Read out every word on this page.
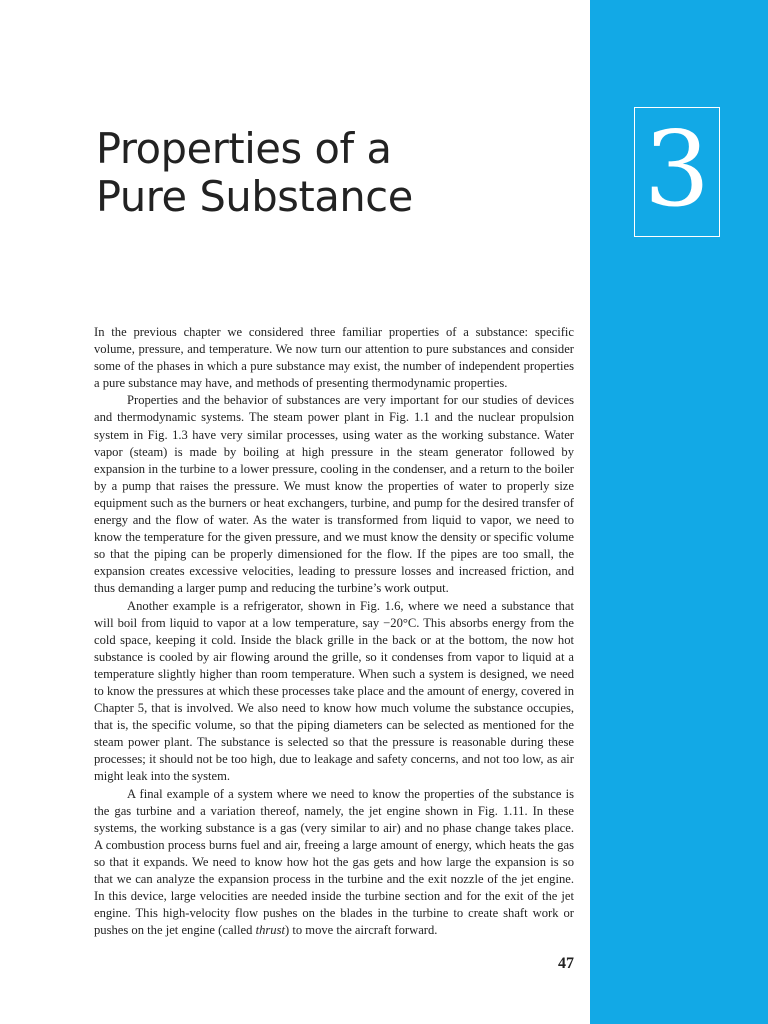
3
Properties of a
Pure Substance

In the previous chapter we considered three familiar properties of a substance: specific volume, pressure, and temperature. We now turn our attention to pure substances and consider some of the phases in which a pure substance may exist, the number of independent properties a pure substance may have, and methods of presenting thermodynamic properties.

Properties and the behavior of substances are very important for our studies of devices and thermodynamic systems. The steam power plant in Fig. 1.1 and the nuclear propulsion system in Fig. 1.3 have very similar processes, using water as the working substance. Water vapor (steam) is made by boiling at high pressure in the steam generator followed by expansion in the turbine to a lower pressure, cooling in the condenser, and a return to the boiler by a pump that raises the pressure. We must know the properties of water to properly size equipment such as the burners or heat exchangers, turbine, and pump for the desired transfer of energy and the flow of water. As the water is transformed from liquid to vapor, we need to know the temperature for the given pressure, and we must know the density or specific volume so that the piping can be properly dimensioned for the flow. If the pipes are too small, the expansion creates excessive velocities, leading to pressure losses and increased friction, and thus demanding a larger pump and reducing the turbine’s work output.

Another example is a refrigerator, shown in Fig. 1.6, where we need a substance that will boil from liquid to vapor at a low temperature, say −20°C. This absorbs energy from the cold space, keeping it cold. Inside the black grille in the back or at the bottom, the now hot substance is cooled by air flowing around the grille, so it condenses from vapor to liquid at a temperature slightly higher than room temperature. When such a system is designed, we need to know the pressures at which these processes take place and the amount of energy, covered in Chapter 5, that is involved. We also need to know how much volume the substance occupies, that is, the specific volume, so that the piping diameters can be selected as mentioned for the steam power plant. The substance is selected so that the pressure is reasonable during these processes; it should not be too high, due to leakage and safety concerns, and not too low, as air might leak into the system.

A final example of a system where we need to know the properties of the substance is the gas turbine and a variation thereof, namely, the jet engine shown in Fig. 1.11. In these systems, the working substance is a gas (very similar to air) and no phase change takes place. A combustion process burns fuel and air, freeing a large amount of energy, which heats the gas so that it expands. We need to know how hot the gas gets and how large the expansion is so that we can analyze the expansion process in the turbine and the exit nozzle of the jet engine. In this device, large velocities are needed inside the turbine section and for the exit of the jet engine. This high-velocity flow pushes on the blades in the turbine to create shaft work or pushes on the jet engine (called thrust) to move the aircraft forward.

47
